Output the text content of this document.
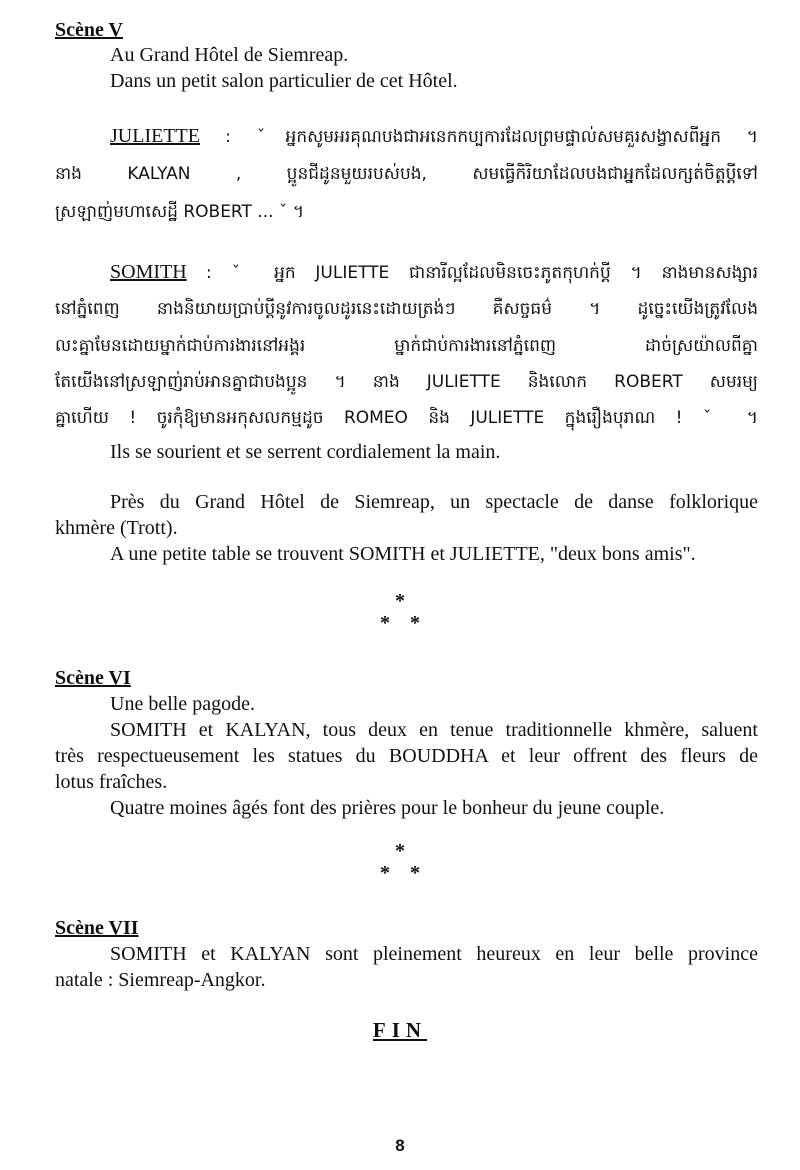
Scène V
Au Grand Hôtel de Siemreap.
Dans un petit salon particulier de cet Hôtel.
JULIETTE : ˇអ្នកសូមអរគុណបងជាអនេកកប្បការដែលព្រមផ្ទាល់សមគួរសង្វាសពីអ្នក ។
នាង KALYAN , ប្អូនជីដូនមួយរបស់បង, សមធ្វើកិរិយាដែលបងជាអ្នកដែលក្សត់ចិត្តប្ដីទៅ
ស្រឡាញ់មហាសេដ្ឋី ROBERT ... ˇ ។
SOMITH : ˇ អ្នក JULIETTE ជានារីល្អដែលមិនចេះភូតកុហក់ប្ដី ។ នាងមានសង្សារ
នៅភ្នំពេញ នាងនិយាយប្រាប់ប្ដីនូវការចូលដូរនេះដោយត្រង់ៗ គឺសច្ចធម៌ ។ ដូច្នេះយើងត្រូវលែង
លះគ្នាមែនដោយម្នាក់ជាប់ការងារនៅអង្គរ ម្នាក់ជាប់ការងារនៅភ្នំពេញ ដាច់ស្រយ៉ាលពីគ្នា
តែយើងនៅស្រឡាញ់រាប់អានគ្នាជាបងប្អូន ។ នាង JULIETTE និងលោក ROBERT សមរម្យ
គ្នាហើយ ! ចូរកុំឱ្យមានអកុសលកម្មដូច ROMEO និង JULIETTE ក្នុងរឿងបុរាណ ! ˇ ។
Ils se sourient et se serrent cordialement la main.
Près du Grand Hôtel de Siemreap, un spectacle de danse folklorique
khmère (Trott).
A une petite table se trouvent SOMITH et JULIETTE, "deux bons amis".
*
*    *
Scène VI
Une belle pagode.
SOMITH et KALYAN, tous deux en tenue traditionnelle khmère, saluent
très respectueusement les statues du BOUDDHA et leur offrent des fleurs de
lotus fraîches.
Quatre moines âgés font des prières pour le bonheur du jeune couple.
*
*    *
Scène VII
SOMITH et KALYAN sont pleinement heureux en leur belle province
natale : Siemreap-Angkor.
FIN
8
